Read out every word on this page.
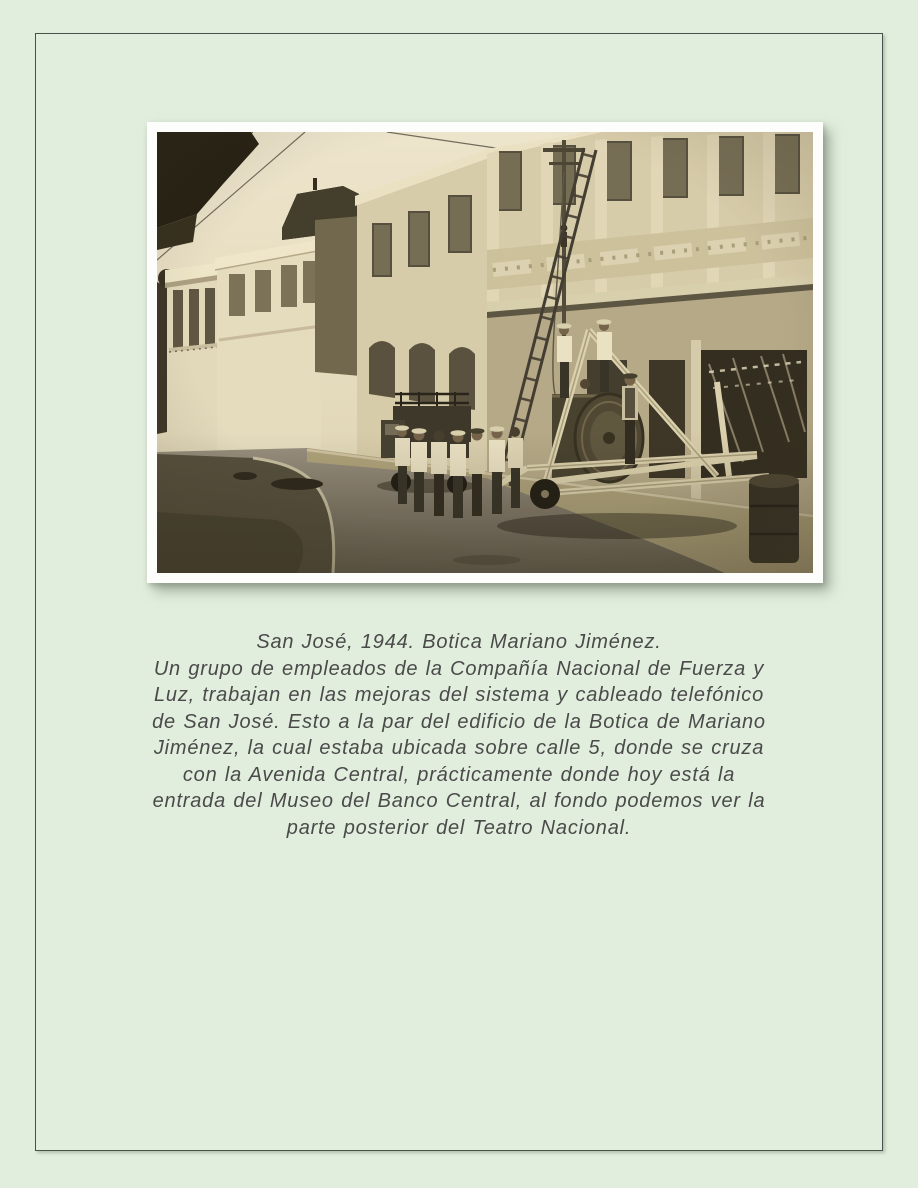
San José, 1944. Botica Mariano Jiménez.
Un grupo de empleados de la Compañía Nacional de Fuerza y
Luz, trabajan en las mejoras del sistema y cableado telefónico
de San José. Esto a la par del edificio de la Botica de Mariano
Jiménez, la cual estaba ubicada sobre calle 5, donde se cruza
con la Avenida Central, prácticamente donde hoy está la
entrada del Museo del Banco Central, al fondo podemos ver la
parte posterior del Teatro Nacional.
